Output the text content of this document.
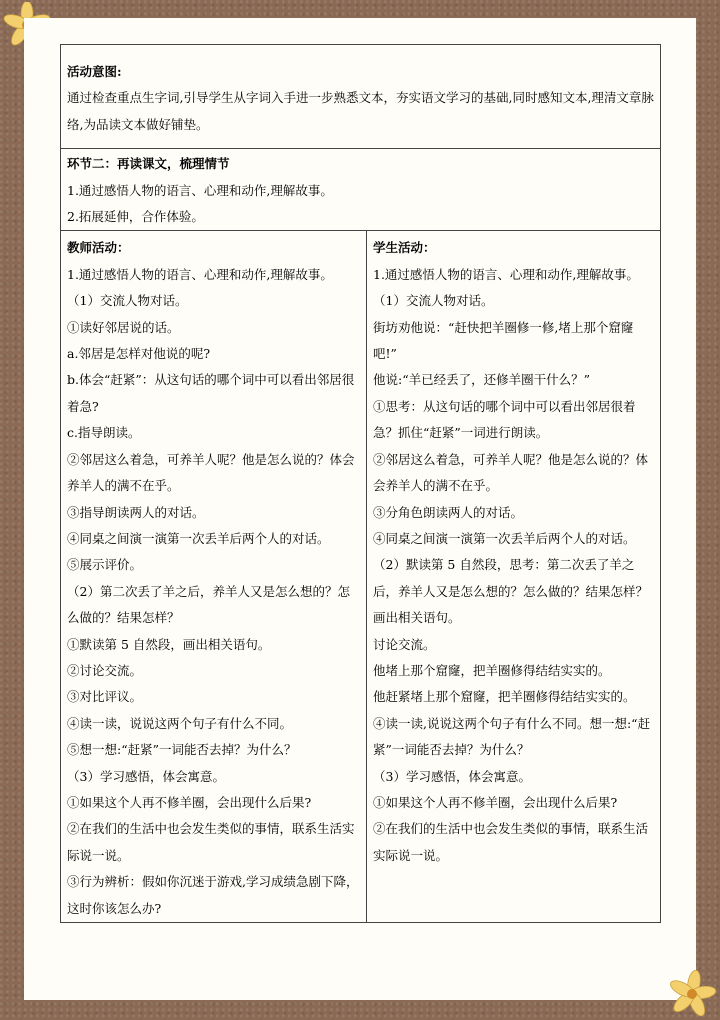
活动意图:
通过检查重点生字词,引导学生从字词入手进一步熟悉文本，夯实语文学习的基础,同时感知文本,理清文章脉络,为品读文本做好铺垫。

环节二：再读课文，梳理情节
1.通过感悟人物的语言、心理和动作,理解故事。
2.拓展延伸，合作体验。

教师活动：
1.通过感悟人物的语言、心理和动作,理解故事。
（1）交流人物对话。
①读好邻居说的话。
a.邻居是怎样对他说的呢?
b.体会“赶紧”：从这句话的哪个词中可以看出邻居很着急?
c.指导朗读。
②邻居这么着急，可养羊人呢？他是怎么说的？体会养羊人的满不在乎。
③指导朗读两人的对话。
④同桌之间演一演第一次丢羊后两个人的对话。
⑤展示评价。
（2）第二次丢了羊之后，养羊人又是怎么想的？怎么做的？结果怎样？
①默读第 5 自然段，画出相关语句。
②讨论交流。
③对比评议。
④读一读，说说这两个句子有什么不同。
⑤想一想:“赶紧”一词能否去掉？为什么？
（3）学习感悟，体会寓意。
①如果这个人再不修羊圈，会出现什么后果?
②在我们的生活中也会发生类似的事情，联系生活实际说一说。
③行为辨析：假如你沉迷于游戏,学习成绩急剧下降，这时你该怎么办?

学生活动：
1.通过感悟人物的语言、心理和动作,理解故事。
（1）交流人物对话。
街坊劝他说：“赶快把羊圈修一修,堵上那个窟窿吧!”
他说:“羊已经丢了，还修羊圈干什么？”
①思考：从这句话的哪个词中可以看出邻居很着急？抓住“赶紧”一词进行朗读。
②邻居这么着急，可养羊人呢？他是怎么说的？体会养羊人的满不在乎。
③分角色朗读两人的对话。
④同桌之间演一演第一次丢羊后两个人的对话。
（2）默读第 5 自然段，思考：第二次丢了羊之后，养羊人又是怎么想的？怎么做的？结果怎样？画出相关语句。
讨论交流。
他堵上那个窟窿，把羊圈修得结结实实的。
他赶紧堵上那个窟窿，把羊圈修得结结实实的。
④读一读,说说这两个句子有什么不同。想一想:“赶紧”一词能否去掉？为什么？
（3）学习感悟，体会寓意。
①如果这个人再不修羊圈，会出现什么后果?
②在我们的生活中也会发生类似的事情，联系生活实际说一说。
